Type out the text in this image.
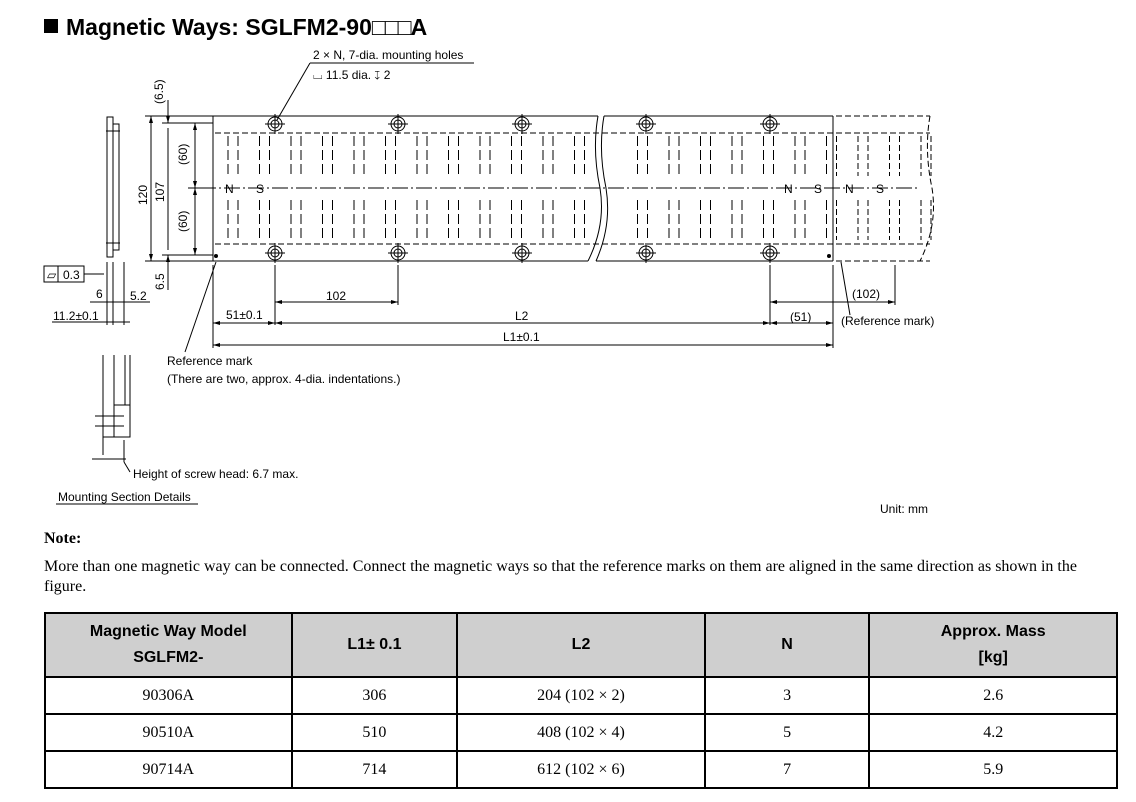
Magnetic Ways: SGLFM2-90□□□A
N S	N S N S
2 × N, 7-dia. mounting holes
⌴ 11.5 dia. ↧ 2
(6.5)
120 107
(60)
(60)
6.5
▱ 0.3
6 5.2
11.2±0.1	51±0.1
102
L2
L1±0.1
(51)
(102)
(Reference mark)
Reference mark
(There are two, approx. 4-dia. indentations.)
Height of screw head: 6.7 max.
Mounting Section Details
Unit: mm
Note:
More than one magnetic way can be connected. Connect the magnetic ways so that the reference marks on them are aligned in the same direction as shown in the figure.
Magnetic Way Model
SGLFM2-	L1± 0.1	L2	N	Approx. Mass
[kg]
90306A	306	204 (102 × 2)	3	2.6
90510A	510	408 (102 × 4)	5	4.2
90714A	714	612 (102 × 6)	7	5.9
